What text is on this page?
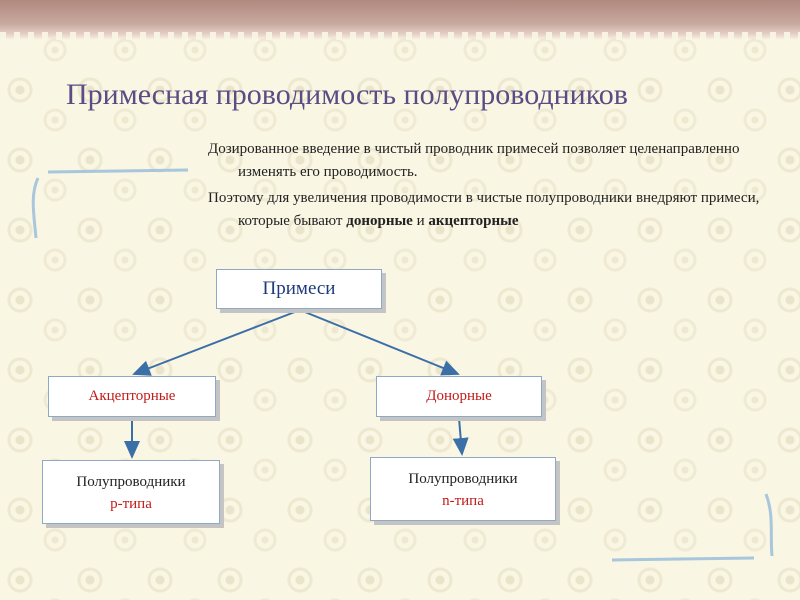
Примесная проводимость полупроводников

Дозированное введение в чистый проводник примесей позволяет целенаправленно изменять его проводимость.

Поэтому для увеличения проводимости в чистые полупроводники внедряют примеси, которые бывают донорные и акцепторные

Примеси
Акцепторные	Донорные
Полупроводники
р-типа
Полупроводники
n-типа
